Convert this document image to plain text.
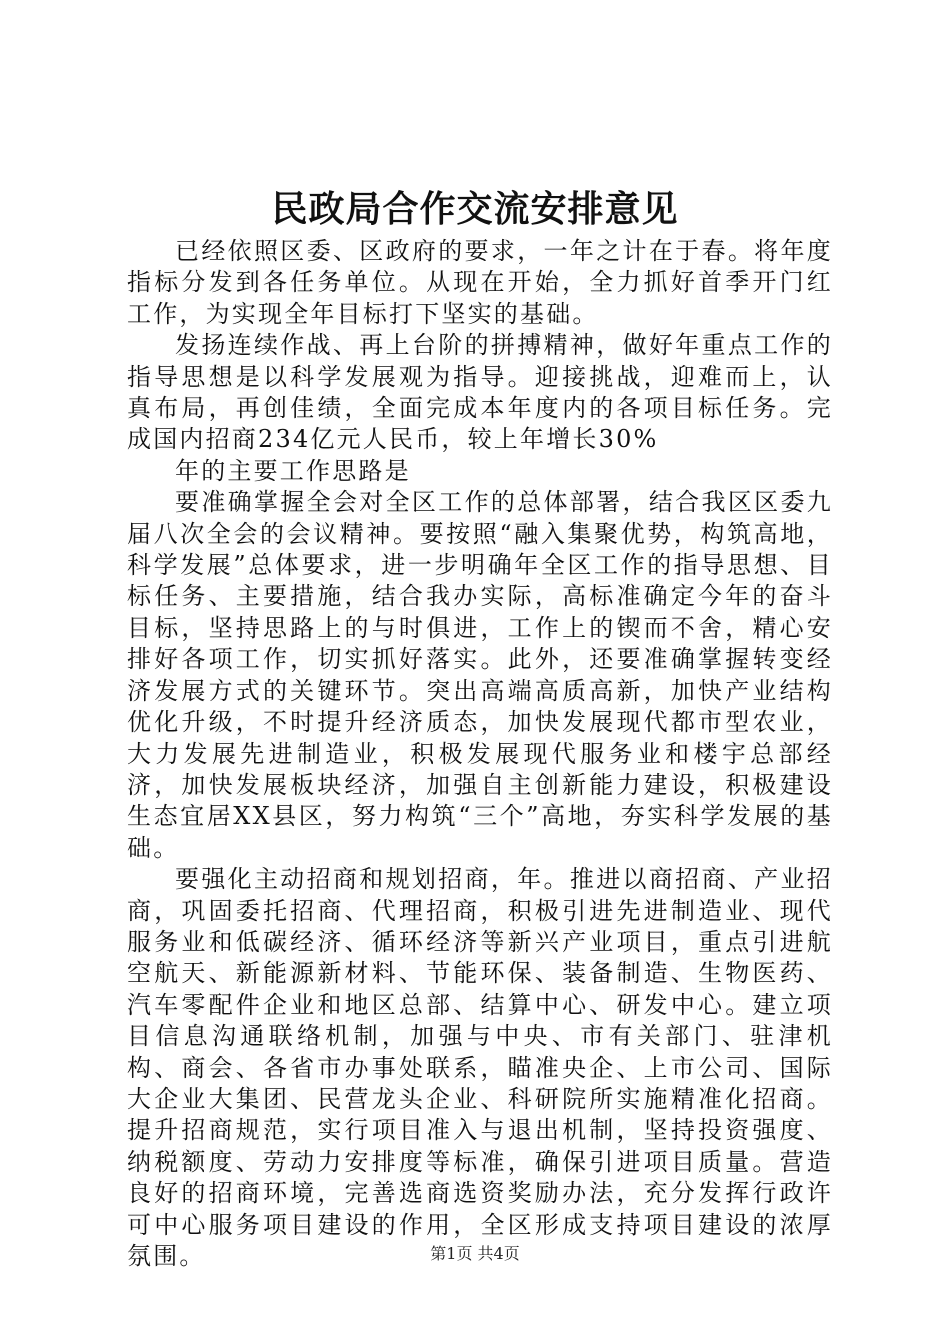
民政局合作交流安排意见

已经依照区委、区政府的要求，一年之计在于春。将年度指标分发到各任务单位。从现在开始，全力抓好首季开门红工作，为实现全年目标打下坚实的基础。

发扬连续作战、再上台阶的拼搏精神，做好年重点工作的指导思想是以科学发展观为指导。迎接挑战，迎难而上，认真布局，再创佳绩，全面完成本年度内的各项目标任务。完成国内招商234亿元人民币，较上年增长30%

年的主要工作思路是

要准确掌握全会对全区工作的总体部署，结合我区区委九届八次全会的会议精神。要按照“融入集聚优势，构筑高地，科学发展”总体要求，进一步明确年全区工作的指导思想、目标任务、主要措施，结合我办实际，高标准确定今年的奋斗目标，坚持思路上的与时俱进，工作上的锲而不舍，精心安排好各项工作，切实抓好落实。此外，还要准确掌握转变经济发展方式的关键环节。突出高端高质高新，加快产业结构优化升级，不时提升经济质态，加快发展现代都市型农业，大力发展先进制造业，积极发展现代服务业和楼宇总部经济，加快发展板块经济，加强自主创新能力建设，积极建设生态宜居XX县区，努力构筑“三个”高地，夯实科学发展的基础。

要强化主动招商和规划招商，年。推进以商招商、产业招商，巩固委托招商、代理招商，积极引进先进制造业、现代服务业和低碳经济、循环经济等新兴产业项目，重点引进航空航天、新能源新材料、节能环保、装备制造、生物医药、汽车零配件企业和地区总部、结算中心、研发中心。建立项目信息沟通联络机制，加强与中央、市有关部门、驻津机构、商会、各省市办事处联系，瞄准央企、上市公司、国际大企业大集团、民营龙头企业、科研院所实施精准化招商。提升招商规范，实行项目准入与退出机制，坚持投资强度、纳税额度、劳动力安排度等标准，确保引进项目质量。营造良好的招商环境，完善选商选资奖励办法，充分发挥行政许可中心服务项目建设的作用，全区形成支持项目建设的浓厚氛围。	第1页 共4页
